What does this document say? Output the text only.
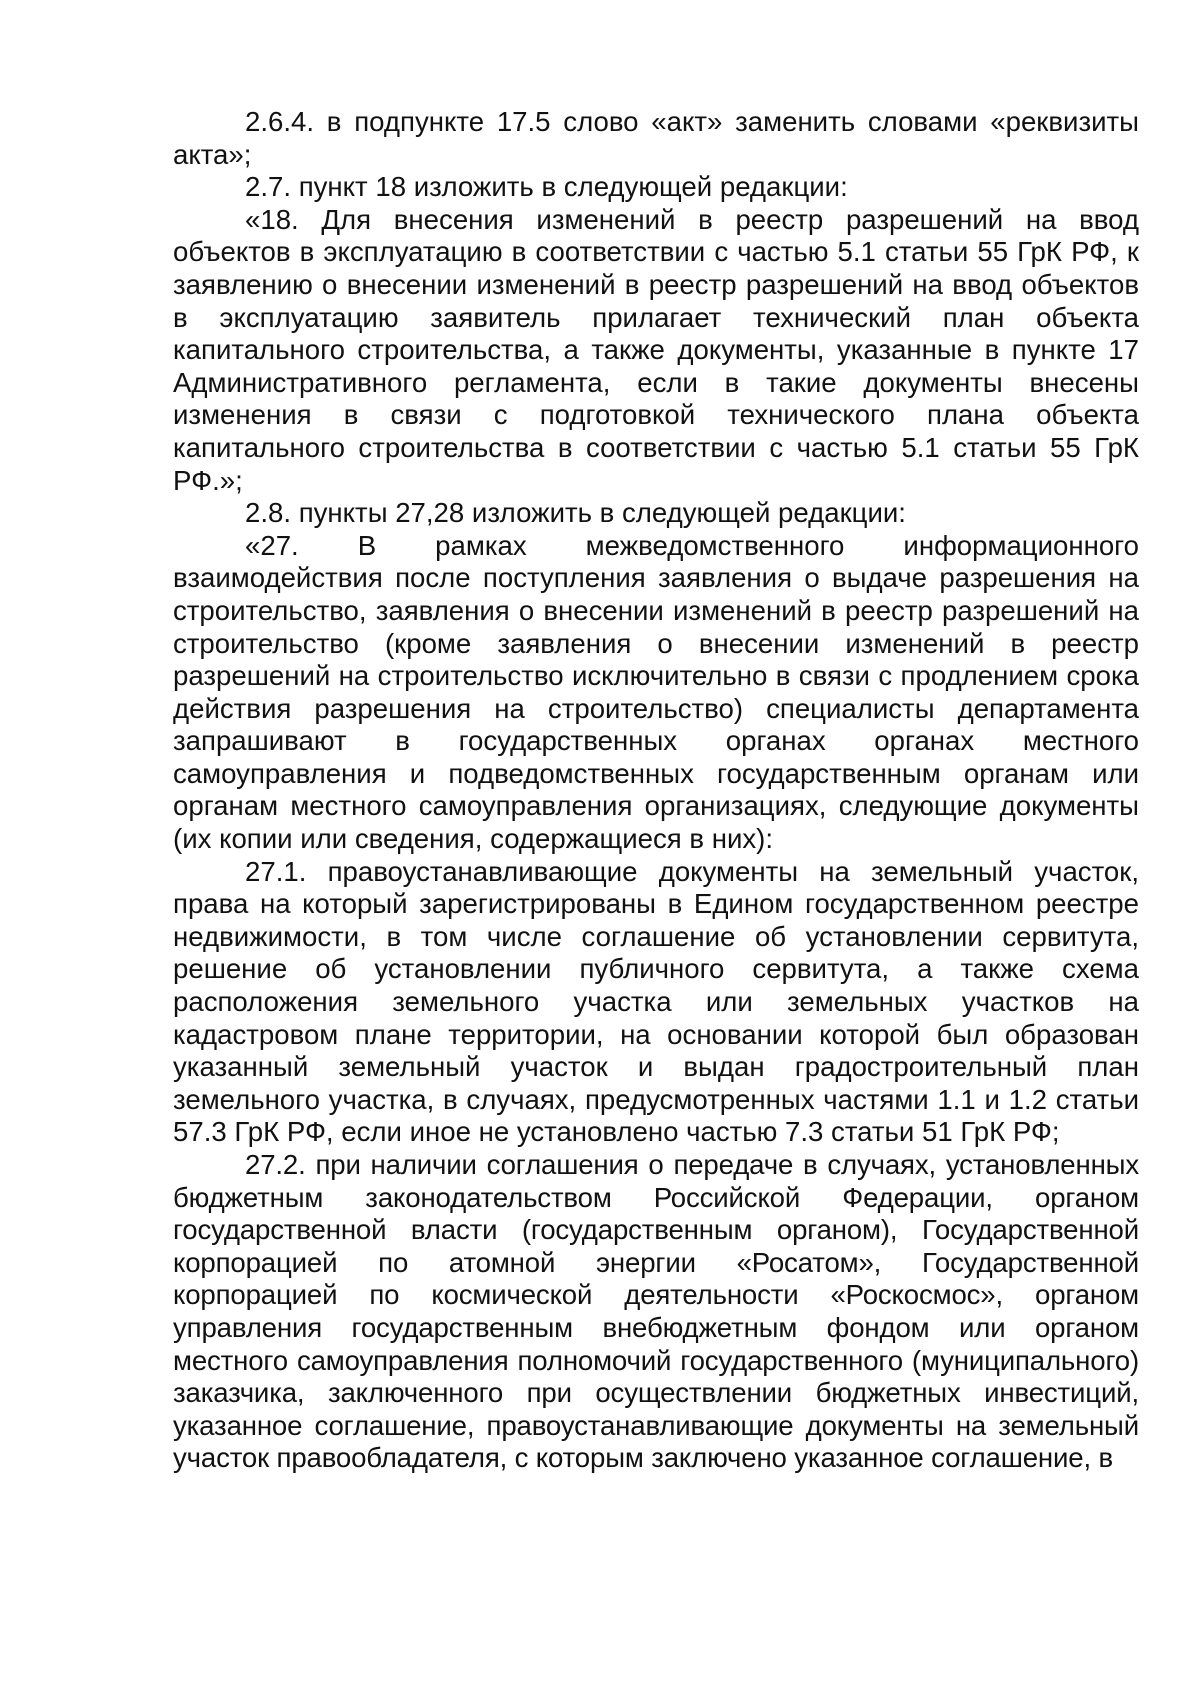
2.6.4. в подпункте 17.5 слово «акт» заменить словами «реквизиты акта»;

2.7. пункт 18 изложить в следующей редакции:

«18. Для внесения изменений в реестр разрешений на ввод объектов в эксплуатацию в соответствии с частью 5.1 статьи 55 ГрК РФ, к заявлению о внесении изменений в реестр разрешений на ввод объектов в эксплуатацию заявитель прилагает технический план объекта капитального строительства, а также документы, указанные в пункте 17 Административного регламента, если в такие документы внесены изменения в связи с подготовкой технического плана объекта капитального строительства в соответствии с частью 5.1 статьи 55 ГрК РФ.»;

2.8. пункты 27,28 изложить в следующей редакции:

«27. В рамках межведомственного информационного взаимодействия после поступления заявления о выдаче разрешения на строительство, заявления о внесении изменений в реестр разрешений на строительство (кроме заявления о внесении изменений в реестр разрешений на строительство исключительно в связи с продлением срока действия разрешения на строительство) специалисты департамента запрашивают в государственных органах органах местного самоуправления и подведомственных государственным органам или органам местного самоуправления организациях, следующие документы (их копии или сведения, содержащиеся в них):

27.1. правоустанавливающие документы на земельный участок, права на который зарегистрированы в Едином государственном реестре недвижимости, в том числе соглашение об установлении сервитута, решение об установлении публичного сервитута, а также схема расположения земельного участка или земельных участков на кадастровом плане территории, на основании которой был образован указанный земельный участок и выдан градостроительный план земельного участка, в случаях, предусмотренных частями 1.1 и 1.2 статьи 57.3 ГрК РФ, если иное не установлено частью 7.3 статьи 51 ГрК РФ;

27.2. при наличии соглашения о передаче в случаях, установленных бюджетным законодательством Российской Федерации, органом государственной власти (государственным органом), Государственной корпорацией по атомной энергии «Росатом», Государственной корпорацией по космической деятельности «Роскосмос», органом управления государственным внебюджетным фондом или органом местного самоуправления полномочий государственного (муниципального) заказчика, заключенного при осуществлении бюджетных инвестиций, указанное соглашение, правоустанавливающие документы на земельный участок правообладателя, с которым заключено указанное соглашение, в
